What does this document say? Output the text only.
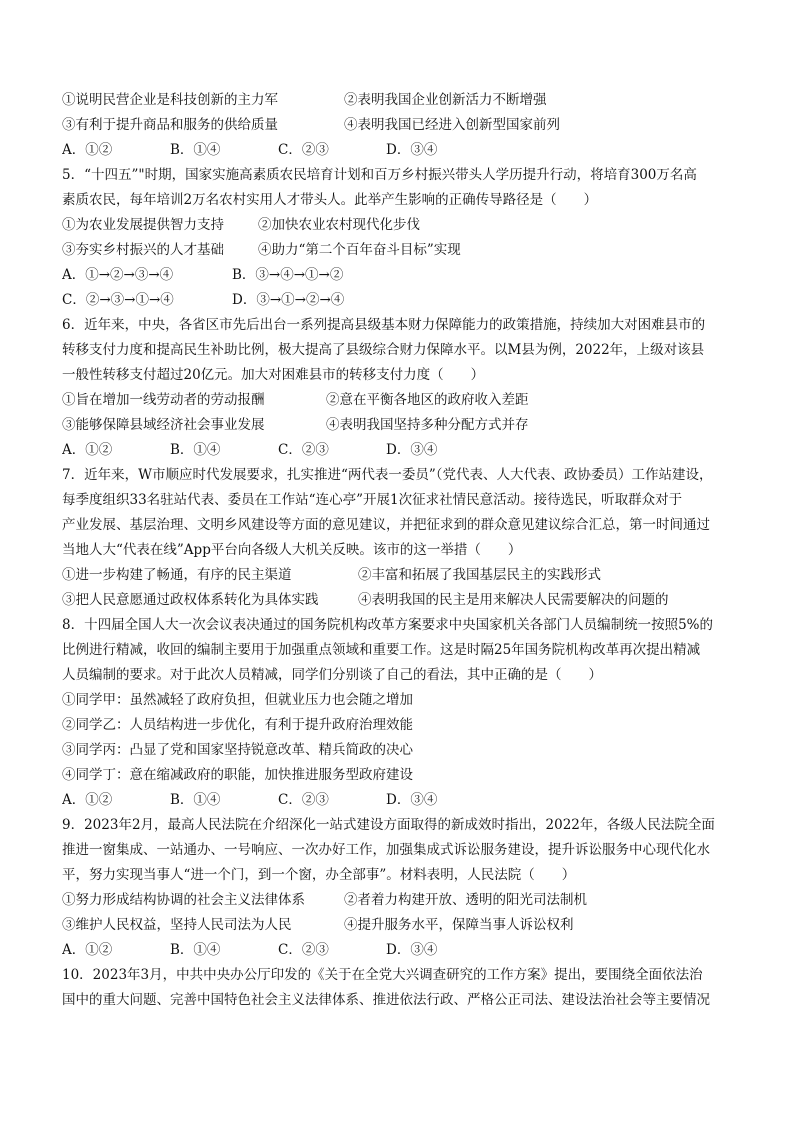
①说明民营企业是科技创新的主力军	②表明我国企业创新活力不断增强
③有利于提升商品和服务的供给质量	④表明我国已经进入创新型国家前列
A．①②	B．①④	C．②③	D．③④
5．“十四五”"时期，国家实施高素质农民培育计划和百万乡村振兴带头人学历提升行动，将培育300万名高
素质农民，每年培训2万名农村实用人才带头人。此举产生影响的正确传导路径是（　　）
①为农业发展提供智力支持	②加快农业农村现代化步伐
③夯实乡村振兴的人才基础	④助力“第二个百年奋斗目标”实现
A．①→②→③→④	B．③→④→①→②
C．②→③→①→④	D．③→①→②→④
6．近年来，中央，各省区市先后出台一系列提高县级基本财力保障能力的政策措施，持续加大对困难县市的
转移支付力度和提高民生补助比例，极大提高了县级综合财力保障水平。以M县为例，2022年，上级对该县
一般性转移支付超过20亿元。加大对困难县市的转移支付力度（　　）
①旨在增加一线劳动者的劳动报酬	②意在平衡各地区的政府收入差距
③能够保障县域经济社会事业发展	④表明我国坚持多种分配方式并存
A．①②	B．①④	C．②③	D．③④
7．近年来，W市顺应时代发展要求，扎实推进“两代表一委员”（党代表、人大代表、政协委员）工作站建设，
每季度组织33名驻站代表、委员在工作站“连心亭”开展1次征求社情民意活动。接待选民，听取群众对于
产业发展、基层治理、文明乡风建设等方面的意见建议，并把征求到的群众意见建议综合汇总，第一时间通过
当地人大“代表在线”App平台向各级人大机关反映。该市的这一举措（　　）
①进一步构建了畅通，有序的民主渠道	②丰富和拓展了我国基层民主的实践形式
③把人民意愿通过政权体系转化为具体实践	④表明我国的民主是用来解决人民需要解决的问题的
8．十四届全国人大一次会议表决通过的国务院机构改革方案要求中央国家机关各部门人员编制统一按照5%的
比例进行精减，收回的编制主要用于加强重点领域和重要工作。这是时隔25年国务院机构改革再次提出精减
人员编制的要求。对于此次人员精减，同学们分别谈了自己的看法，其中正确的是（　　）
①同学甲：虽然减轻了政府负担，但就业压力也会随之增加
②同学乙：人员结构进一步优化，有利于提升政府治理效能
③同学丙：凸显了党和国家坚持锐意改革、精兵简政的决心
④同学丁：意在缩减政府的职能，加快推进服务型政府建设
A．①②	B．①④	C．②③	D．③④
9．2023年2月，最高人民法院在介绍深化一站式建设方面取得的新成效时指出，2022年，各级人民法院全面
推进一窗集成、一站通办、一号响应、一次办好工作，加强集成式诉讼服务建设，提升诉讼服务中心现代化水
平，努力实现当事人“进一个门，到一个窗，办全部事”。材料表明，人民法院（　　）
①努力形成结构协调的社会主义法律体系	②者着力构建开放、透明的阳光司法制机
③维护人民权益，坚持人民司法为人民	④提升服务水平，保障当事人诉讼权利
A．①②	B．①④	C．②③	D．③④
10．2023年3月，中共中央办公厅印发的《关于在全党大兴调查研究的工作方案》提出，要围绕全面依法治
国中的重大问题、完善中国特色社会主义法律体系、推进依法行政、严格公正司法、建设法治社会等主要情况
